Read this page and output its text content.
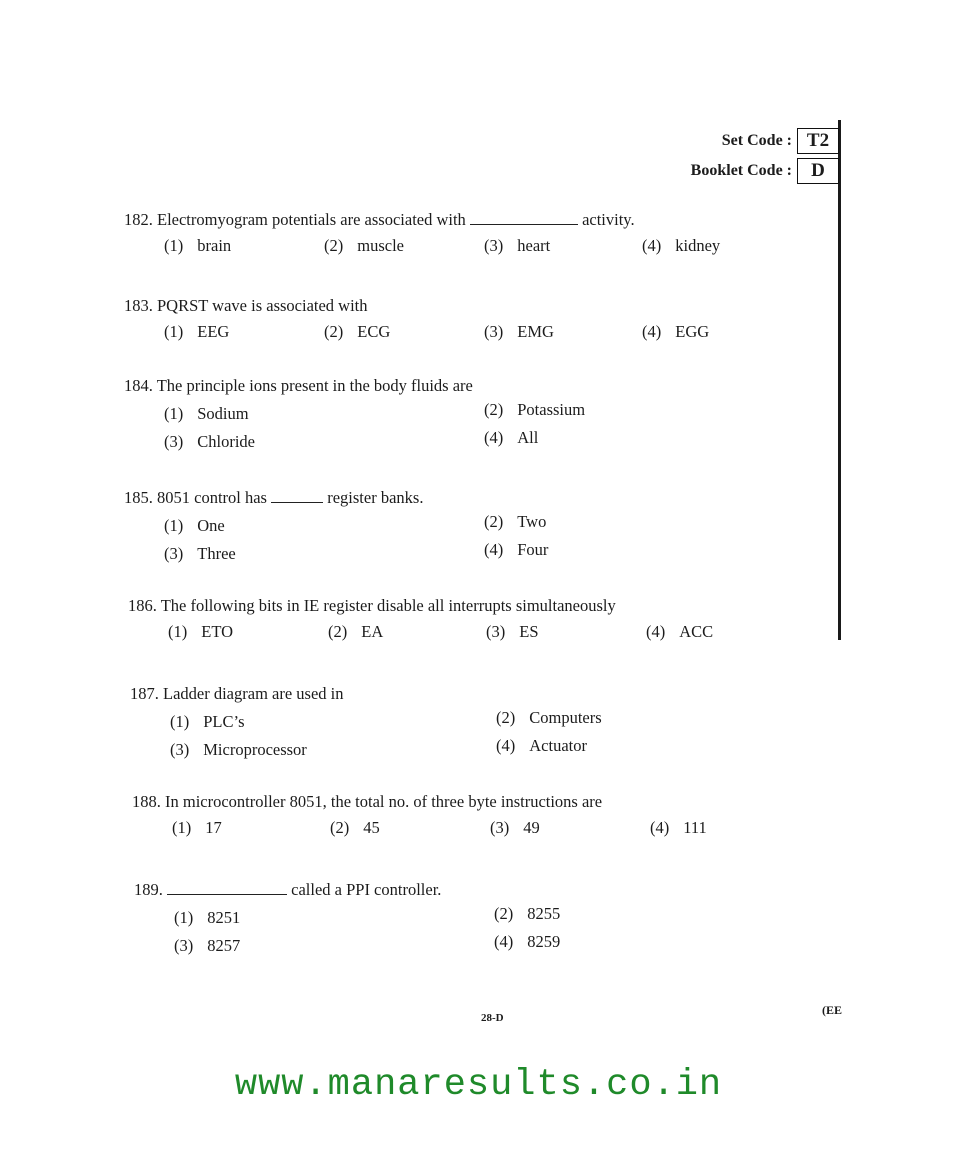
Set Code : T2
Booklet Code :	D
182. Electromyogram potentials are associated with	activity.
(1) brain	(2) muscle	(3) heart	(4) kidney
183. PQRST wave is associated with
(1) EEG	(2) ECG	(3) EMG	(4) EGG
184. The principle ions present in the body fluids are
(1) Sodium	(2) Potassium
(3) Chloride	(4) All
185. 8051 control has	register banks.
(1) One	(2) Two
(3) Three	(4) Four
186. The following bits in IE register disable all interrupts simultaneously
(1) ETO	(2) EA	(3) ES	(4) ACC
187. Ladder diagram are used in
(1) PLC’s	(2) Computers
(3) Microprocessor	(4) Actuator
188. In microcontroller 8051, the total no. of three byte instructions are
(1) 17	(2) 45	(3) 49	(4) 111
189.	called a PPI controller.
(1) 8251	(2) 8255
(3) 8257	(4) 8259
28-D
(EE
www.manaresults.co.in
